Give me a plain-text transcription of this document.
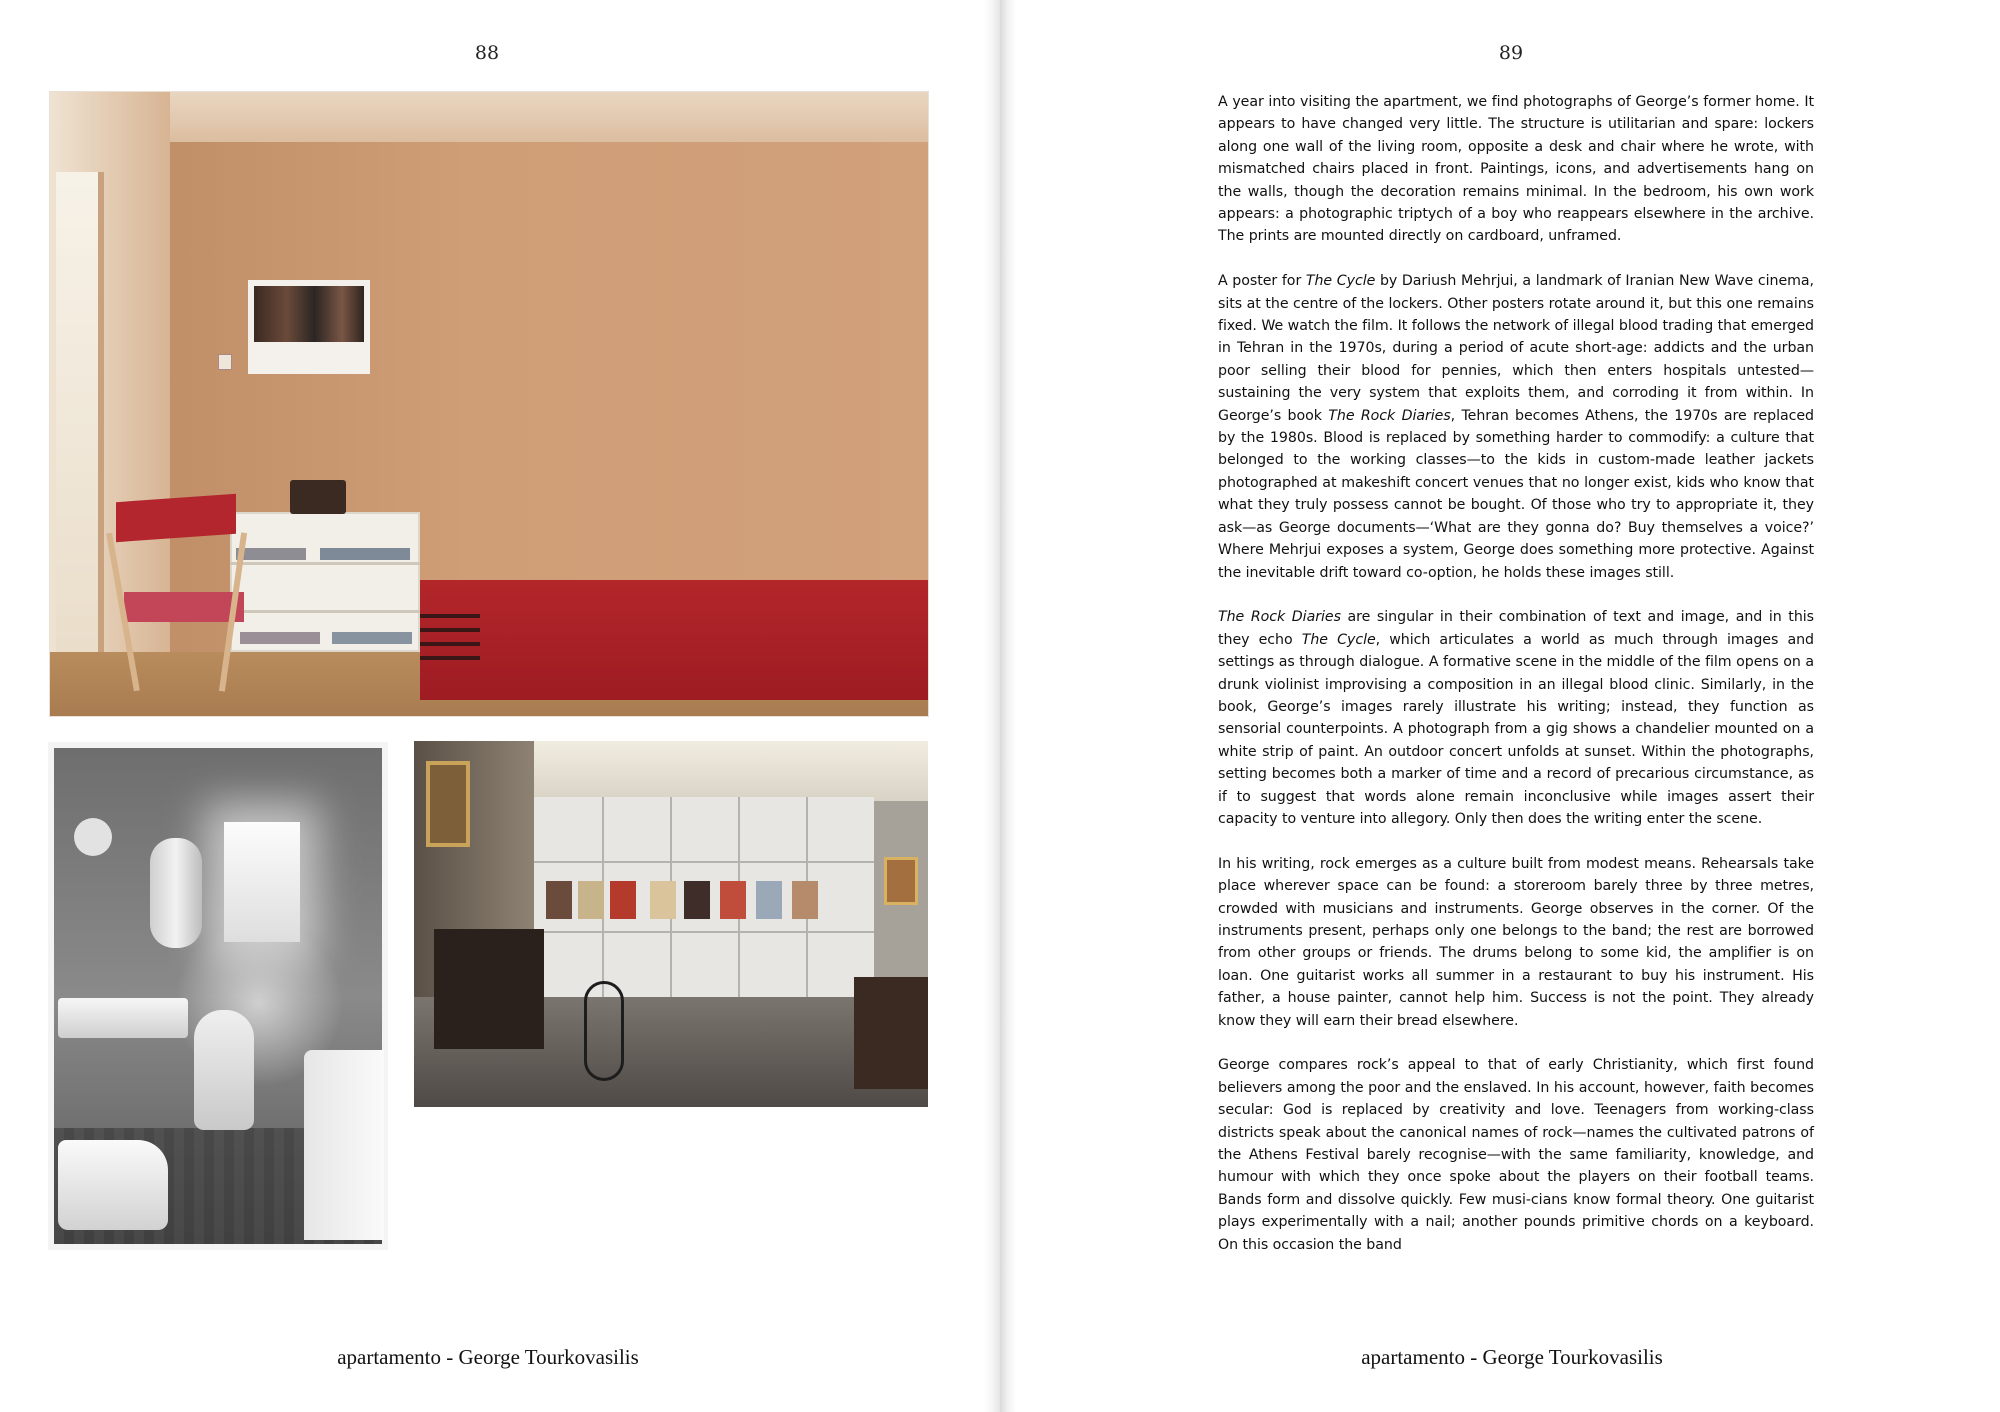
88
apartamento - George Tourkovasilis
89

A year into visiting the apartment, we find photographs of George’s former home. It appears to have changed very little. The structure is utilitarian and spare: lockers along one wall of the living room, opposite a desk and chair where he wrote, with mismatched chairs placed in front. Paintings, icons, and advertisements hang on the walls, though the decoration remains minimal. In the bedroom, his own work appears: a photographic triptych of a boy who reappears elsewhere in the archive. The prints are mounted directly on cardboard, unframed.

A poster for The Cycle by Dariush Mehrjui, a landmark of Iranian New Wave cinema, sits at the centre of the lockers. Other posters rotate around it, but this one remains fixed. We watch the film. It follows the network of illegal blood trading that emerged in Tehran in the 1970s, during a period of acute short-age: addicts and the urban poor selling their blood for pennies, which then enters hospitals untested—sustaining the very system that exploits them, and corroding it from within. In George’s book The Rock Diaries, Tehran becomes Athens, the 1970s are replaced by the 1980s. Blood is replaced by something harder to commodify: a culture that belonged to the working classes—to the kids in custom-made leather jackets photographed at makeshift concert venues that no longer exist, kids who know that what they truly possess cannot be bought. Of those who try to appropriate it, they ask—as George documents—‘What are they gonna do? Buy themselves a voice?’ Where Mehrjui exposes a system, George does something more protective. Against the inevitable drift toward co-option, he holds these images still.

The Rock Diaries are singular in their combination of text and image, and in this they echo The Cycle, which articulates a world as much through images and settings as through dialogue. A formative scene in the middle of the film opens on a drunk violinist improvising a composition in an illegal blood clinic. Similarly, in the book, George’s images rarely illustrate his writing; instead, they function as sensorial counterpoints. A photograph from a gig shows a chandelier mounted on a white strip of paint. An outdoor concert unfolds at sunset. Within the photographs, setting becomes both a marker of time and a record of precarious circumstance, as if to suggest that words alone remain inconclusive while images assert their capacity to venture into allegory. Only then does the writing enter the scene.

In his writing, rock emerges as a culture built from modest means. Rehearsals take place wherever space can be found: a storeroom barely three by three metres, crowded with musicians and instruments. George observes in the corner. Of the instruments present, perhaps only one belongs to the band; the rest are borrowed from other groups or friends. The drums belong to some kid, the amplifier is on loan. One guitarist works all summer in a restaurant to buy his instrument. His father, a house painter, cannot help him. Success is not the point. They already know they will earn their bread elsewhere.

George compares rock’s appeal to that of early Christianity, which first found believers among the poor and the enslaved. In his account, however, faith becomes secular: God is replaced by creativity and love. Teenagers from working-class districts speak about the canonical names of rock—names the cultivated patrons of the Athens Festival barely recognise—with the same familiarity, knowledge, and humour with which they once spoke about the players on their football teams. Bands form and dissolve quickly. Few musi-cians know formal theory. One guitarist plays experimentally with a nail; another pounds primitive chords on a keyboard. On this occasion the band

apartamento - George Tourkovasilis
